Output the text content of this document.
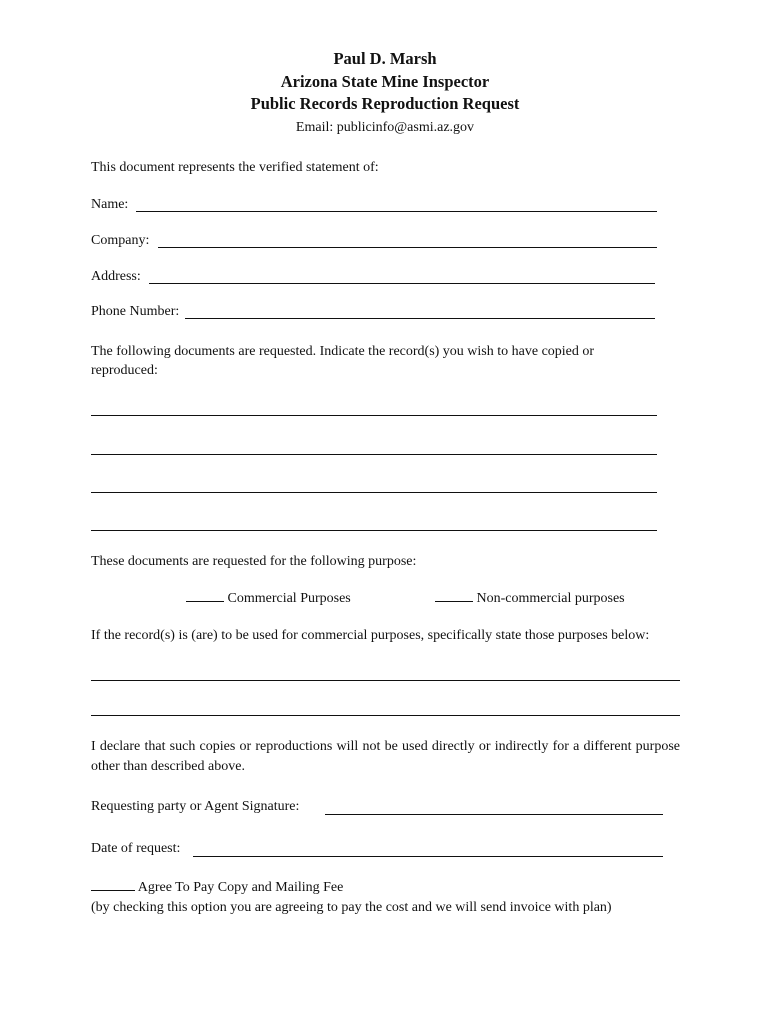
Paul D. Marsh
Arizona State Mine Inspector
Public Records Reproduction Request
Email: publicinfo@asmi.az.gov
This document represents the verified statement of:
Name:
Company:
Address:
Phone Number:
The following documents are requested. Indicate the record(s) you wish to have copied or reproduced:
These documents are requested for the following purpose:
Commercial Purposes	Non-commercial purposes
If the record(s) is (are) to be used for commercial purposes, specifically state those purposes below:
I declare that such copies or reproductions will not be used directly or indirectly for a different purpose other than described above.
Requesting party or Agent Signature:
Date of request:
Agree To Pay Copy and Mailing Fee
(by checking this option you are agreeing to pay the cost and we will send invoice with plan)
